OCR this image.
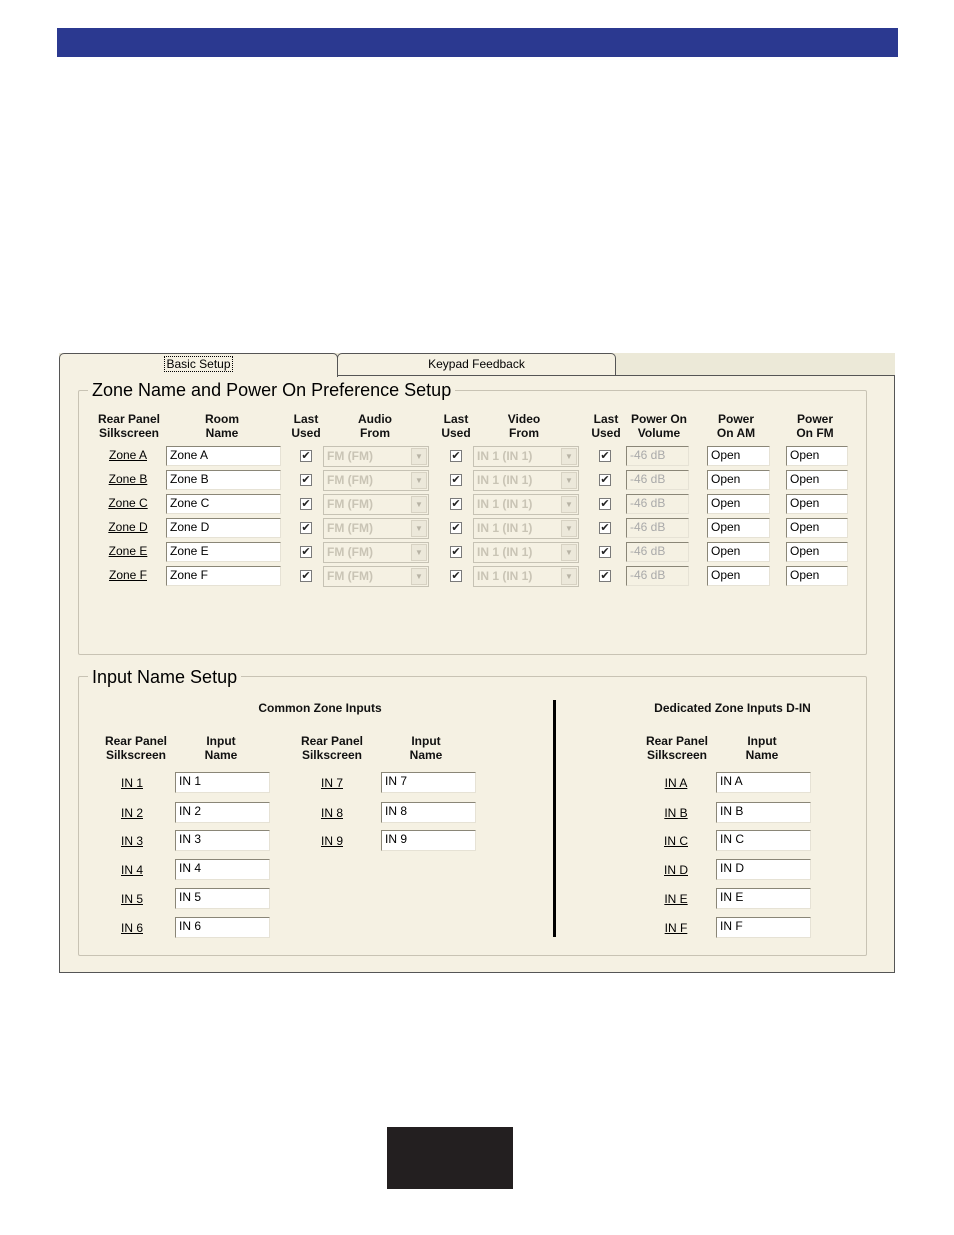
Basic Setup	Keypad Feedback
Zone Name and Power On Preference Setup
Rear Panel
Silkscreen
Room
Name
Last
Used
Audio
From
Last
Used
Video
From
Last
Used
Power On
Volume
Power
On AM
Power
On FM
Zone A	Zone A	✔	FM (FM)	▼	✔	IN 1 (IN 1)	▼	✔	-46 dB	Open	Open
Zone B	Zone B	✔	FM (FM)	▼	✔	IN 1 (IN 1)	▼	✔	-46 dB	Open	Open
Zone C	Zone C	✔	FM (FM)	▼	✔	IN 1 (IN 1)	▼	✔	-46 dB	Open	Open
Zone D	Zone D	✔	FM (FM)	▼	✔	IN 1 (IN 1)	▼	✔	-46 dB	Open	Open
Zone E	Zone E	✔	FM (FM)	▼	✔	IN 1 (IN 1)	▼	✔	-46 dB	Open	Open
Zone F	Zone F	✔	FM (FM)	▼	✔	IN 1 (IN 1)	▼	✔	-46 dB	Open	Open
Input Name Setup
Common Zone Inputs	Dedicated Zone Inputs D-IN
Rear Panel
Silkscreen
Input
Name
Rear Panel
Silkscreen
Input
Name
Rear Panel
Silkscreen
Input
Name
IN 1	IN 1
IN 2	IN 2
IN 3	IN 3
IN 4	IN 4
IN 5	IN 5
IN 6	IN 6
IN 7	IN 7
IN 8	IN 8
IN 9	IN 9
IN A	IN A
IN B	IN B
IN C	IN C
IN D	IN D
IN E	IN E
IN F	IN F
